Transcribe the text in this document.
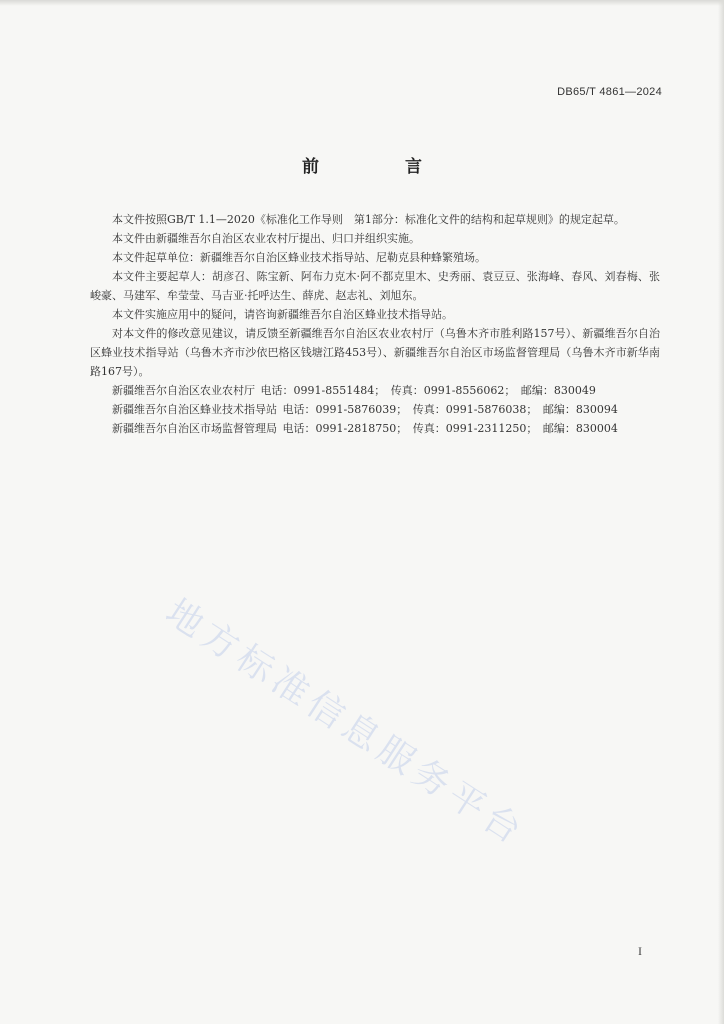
DB65/T 4861—2024
前 言

本文件按照GB/T 1.1—2020《标准化工作导则　第1部分：标准化文件的结构和起草规则》的规定起草。

本文件由新疆维吾尔自治区农业农村厅提出、归口并组织实施。

本文件起草单位：新疆维吾尔自治区蜂业技术指导站、尼勒克县种蜂繁殖场。

本文件主要起草人：胡彦召、陈宝新、阿布力克木·阿不都克里木、史秀丽、袁豆豆、张海峰、春风、刘春梅、张峻豪、马建军、牟莹莹、马吉亚·托呼达生、薛虎、赵志礼、刘旭东。

本文件实施应用中的疑问，请咨询新疆维吾尔自治区蜂业技术指导站。

对本文件的修改意见建议，请反馈至新疆维吾尔自治区农业农村厅（乌鲁木齐市胜利路157号）、新疆维吾尔自治区蜂业技术指导站（乌鲁木齐市沙依巴格区钱塘江路453号）、新疆维吾尔自治区市场监督管理局（乌鲁木齐市新华南路167号）。

新疆维吾尔自治区农业农村厅 电话：0991-8551484； 传真：0991-8556062； 邮编：830049

新疆维吾尔自治区蜂业技术指导站 电话：0991-5876039； 传真：0991-5876038； 邮编：830094

新疆维吾尔自治区市场监督管理局 电话：0991-2818750； 传真：0991-2311250； 邮编：830004

地方标准信息服务平台
I
